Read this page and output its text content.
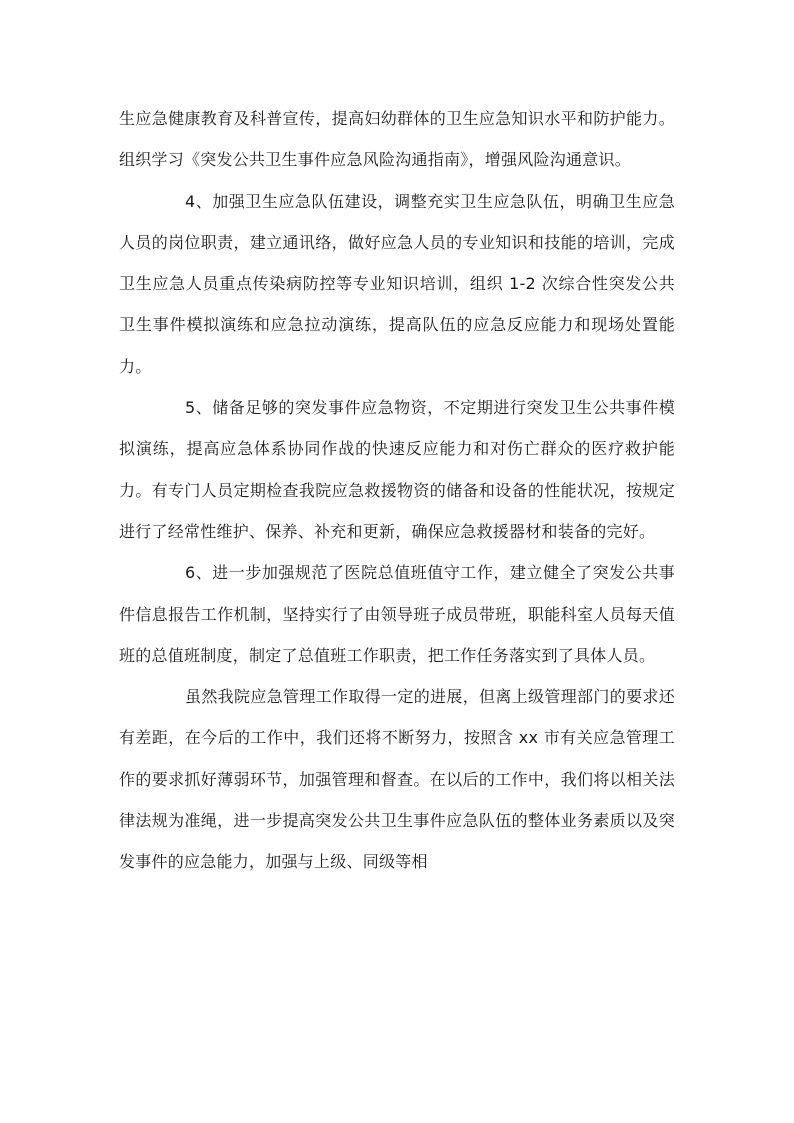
生应急健康教育及科普宣传，提高妇幼群体的卫生应急知识水平和防护能力。组织学习《突发公共卫生事件应急风险沟通指南》，增强风险沟通意识。

4、加强卫生应急队伍建设，调整充实卫生应急队伍，明确卫生应急人员的岗位职责，建立通讯络，做好应急人员的专业知识和技能的培训，完成卫生应急人员重点传染病防控等专业知识培训，组织 1-2 次综合性突发公共卫生事件模拟演练和应急拉动演练，提高队伍的应急反应能力和现场处置能力。

5、储备足够的突发事件应急物资，不定期进行突发卫生公共事件模拟演练，提高应急体系协同作战的快速反应能力和对伤亡群众的医疗救护能力。有专门人员定期检查我院应急救援物资的储备和设备的性能状况，按规定进行了经常性维护、保养、补充和更新，确保应急救援器材和装备的完好。

6、进一步加强规范了医院总值班值守工作，建立健全了突发公共事件信息报告工作机制，坚持实行了由领导班子成员带班，职能科室人员每天值班的总值班制度，制定了总值班工作职责，把工作任务落实到了具体人员。

虽然我院应急管理工作取得一定的进展，但离上级管理部门的要求还有差距，在今后的工作中，我们还将不断努力，按照含 xx 市有关应急管理工作的要求抓好薄弱环节，加强管理和督查。在以后的工作中，我们将以相关法律法规为准绳，进一步提高突发公共卫生事件应急队伍的整体业务素质以及突发事件的应急能力，加强与上级、同级等相
